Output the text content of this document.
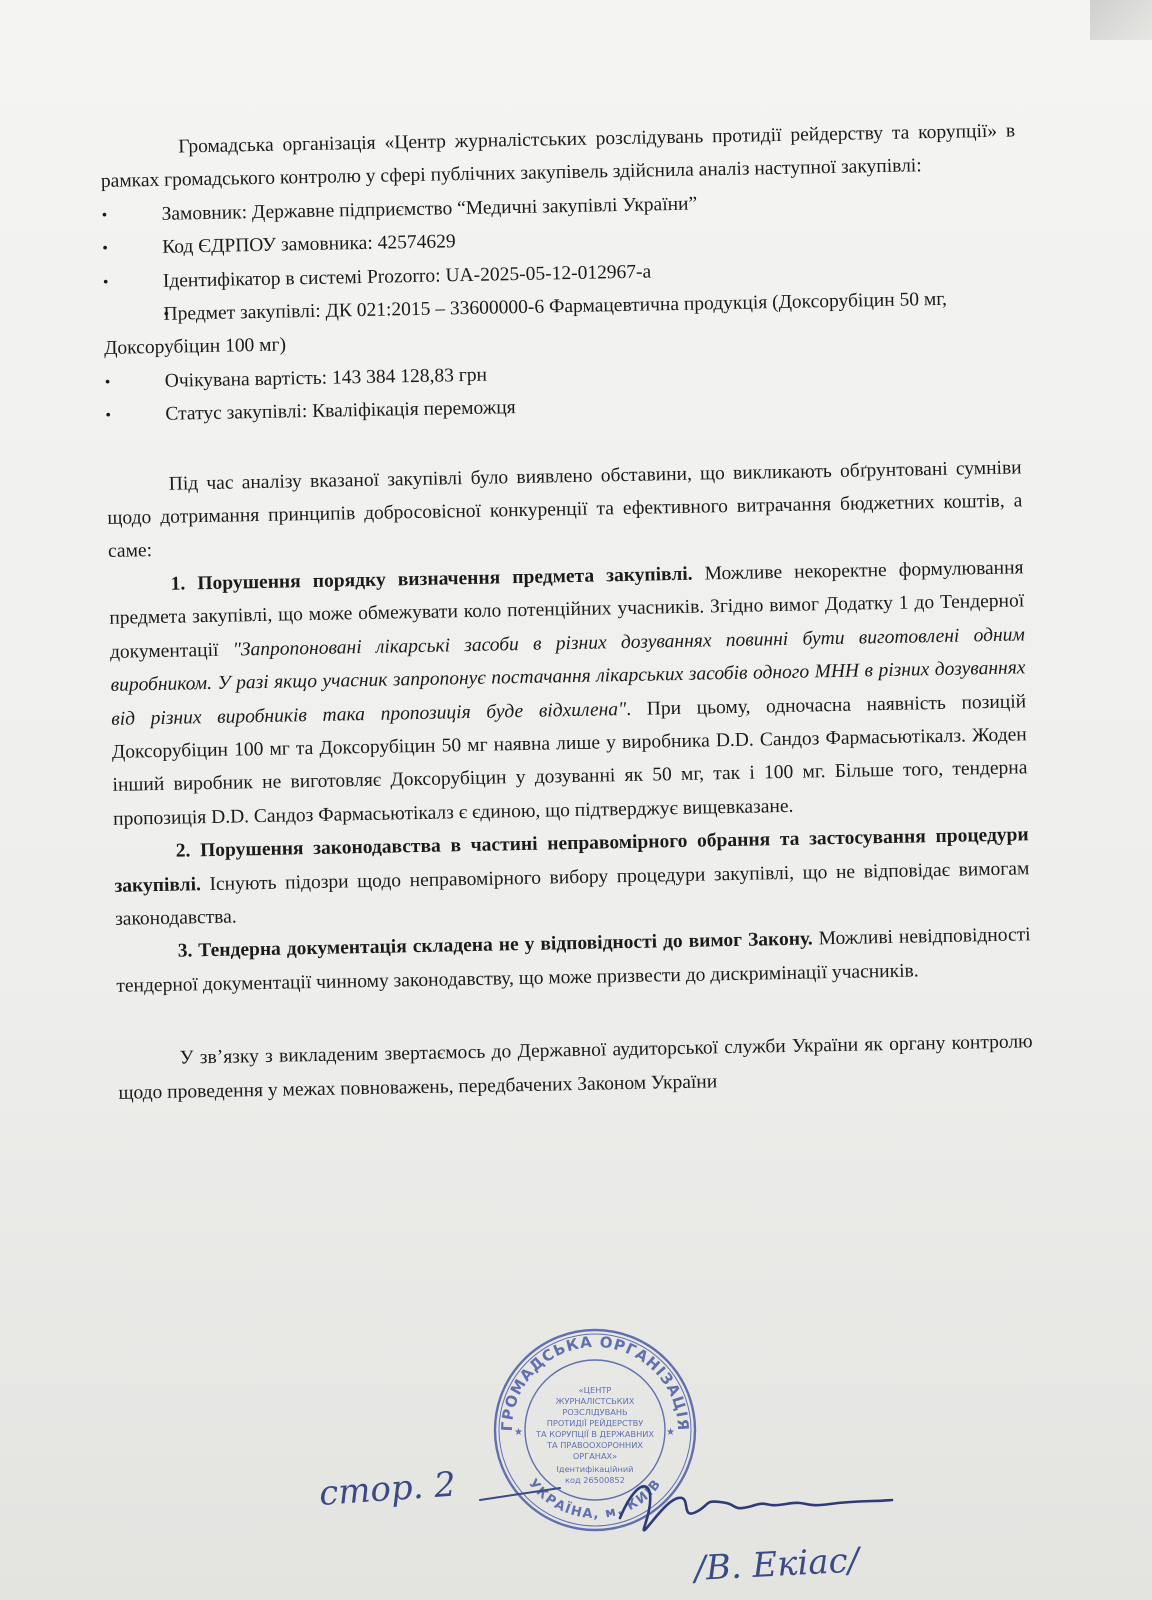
Громадська організація «Центр журналістських розслідувань протидії рейдерству та корупції» в рамках громадського контролю у сфері публічних закупівель здійснила аналіз наступної закупівлі:

• Замовник: Державне підприємство “Медичні закупівлі України”
• Код ЄДРПОУ замовника: 42574629
• Ідентифікатор в системі Prozorro: UA-2025-05-12-012967-a
• Предмет закупівлі: ДК 021:2015 – 33600000-6 Фармацевтична продукція (Доксорубіцин 50 мг, Доксорубіцин 100 мг)
• Очікувана вартість: 143 384 128,83 грн
• Статус закупівлі: Кваліфікація переможця

Під час аналізу вказаної закупівлі було виявлено обставини, що викликають обґрунтовані сумніви щодо дотримання принципів добросовісної конкуренції та ефективного витрачання бюджетних коштів, а саме:

1. Порушення порядку визначення предмета закупівлі. Можливе некоректне формулювання предмета закупівлі, що може обмежувати коло потенційних учасників. Згідно вимог Додатку 1 до Тендерної документації "Запропоновані лікарські засоби в різних дозуваннях повинні бути виготовлені одним виробником. У разі якщо учасник запропонує постачання лікарських засобів одного МНН в різних дозуваннях від різних виробників така пропозиція буде відхилена". При цьому, одночасна наявність позицій Доксорубіцин 100 мг та Доксорубіцин 50 мг наявна лише у виробника D.D. Сандоз Фармасьютікалз. Жоден інший виробник не виготовляє Доксорубіцин у дозуванні як 50 мг, так і 100 мг. Більше того, тендерна пропозиція D.D. Сандоз Фармасьютікалз є єдиною, що підтверджує вищевказане.

2. Порушення законодавства в частині неправомірного обрання та застосування процедури закупівлі. Існують підозри щодо неправомірного вибору процедури закупівлі, що не відповідає вимогам законодавства.

3. Тендерна документація складена не у відповідності до вимог Закону. Можливі невідповідності тендерної документації чинному законодавству, що може призвести до дискримінації учасників.

У зв’язку з викладеним звертаємось до Державної аудиторської служби України як органу контролю щодо проведення у межах повноважень, передбачених Законом України

ГРОМАДСЬКА ОРГАНІЗАЦІЯ
УКРАЇНА, м. КИЇВ
★	★
«ЦЕНТР
ЖУРНАЛІСТСЬКИХ
РОЗСЛІДУВАНЬ
ПРОТИДІЇ РЕЙДЕРСТВУ
ТА КОРУПЦІЇ В ДЕРЖАВНИХ
ТА ПРАВООХОРОННИХ
ОРГАНАХ»
Ідентифікаційний
код 26500852
стор. 2
/В. Екіас/
